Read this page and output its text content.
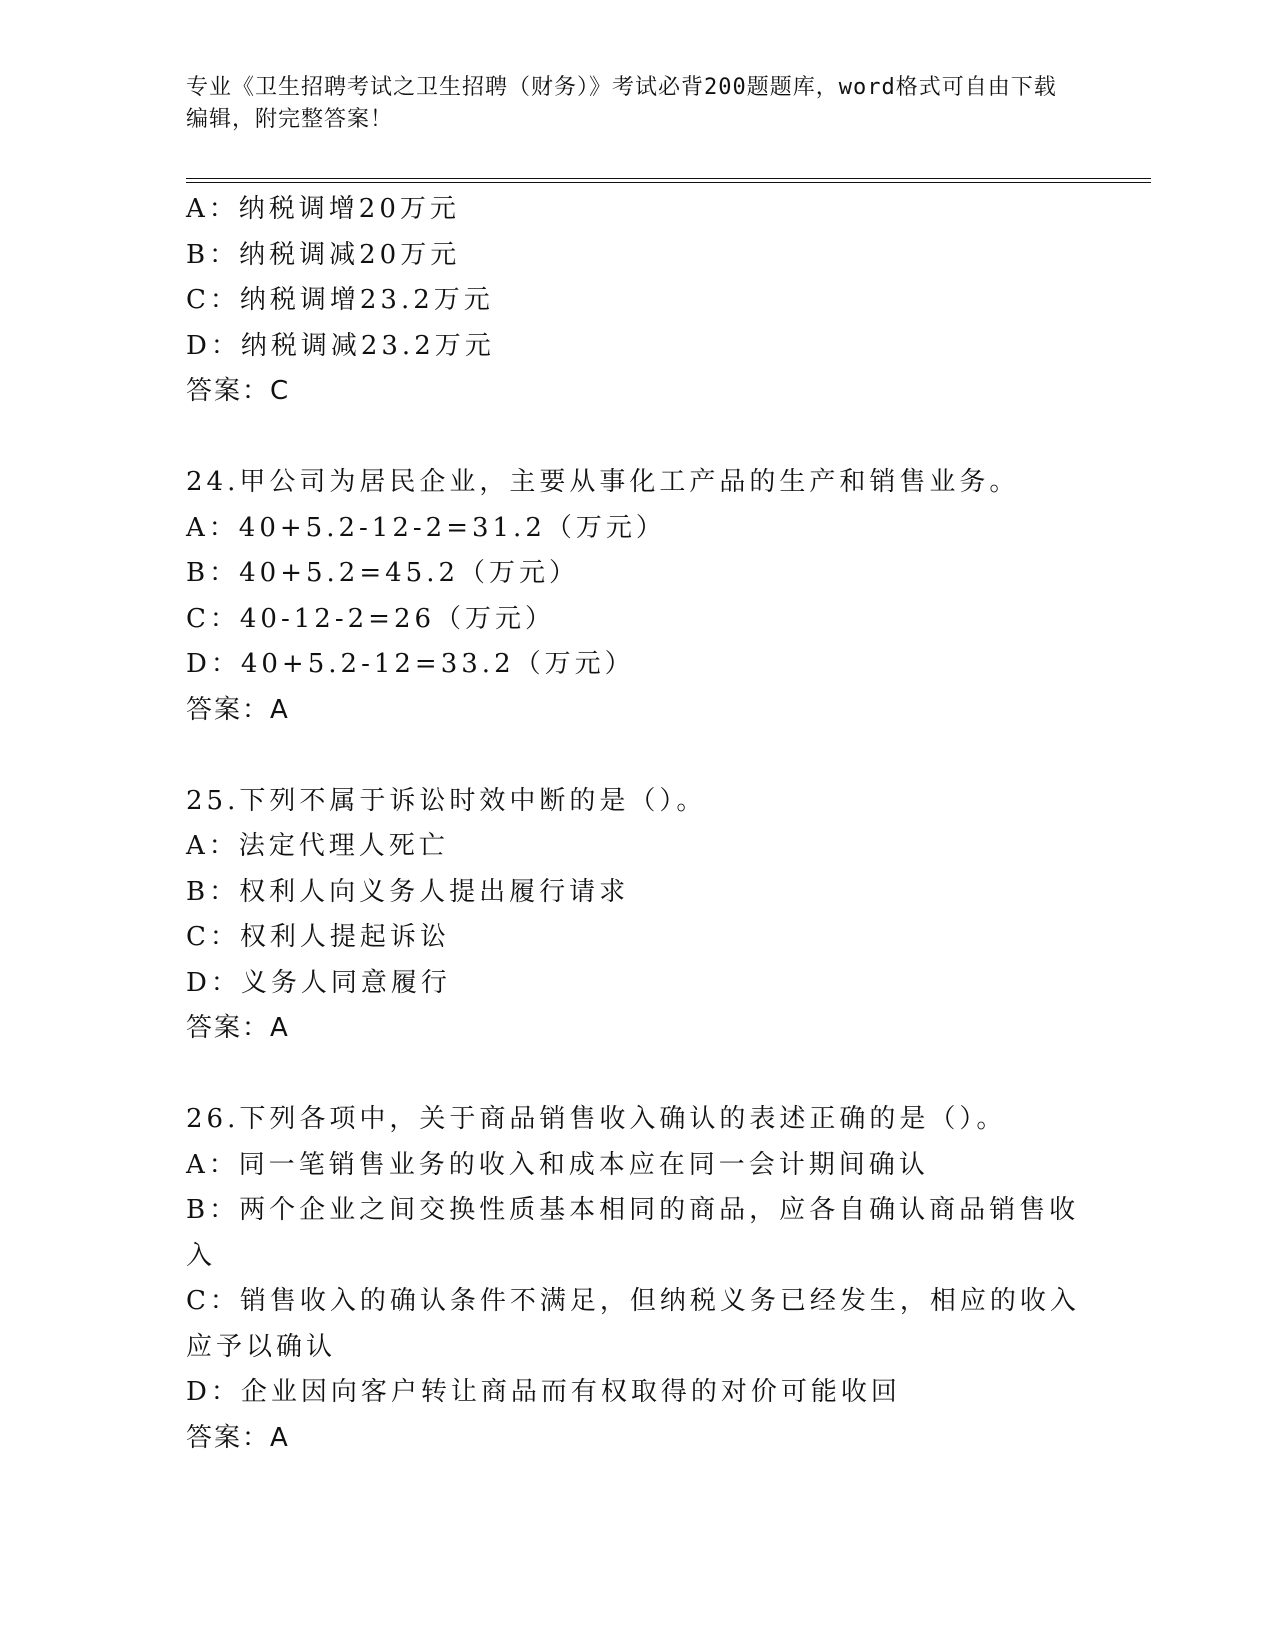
专业《卫生招聘考试之卫生招聘（财务）》考试必背200题题库，word格式可自由下载编辑，附完整答案！
A：纳税调增20万元
B：纳税调减20万元
C：纳税调增23.2万元
D：纳税调减23.2万元
答案：C
24.甲公司为居民企业，主要从事化工产品的生产和销售业务。
A：40+5.2-12-2=31.2（万元）
B：40+5.2=45.2（万元）
C：40-12-2=26（万元）
D：40+5.2-12=33.2（万元）
答案：A
25.下列不属于诉讼时效中断的是（）。
A：法定代理人死亡
B：权利人向义务人提出履行请求
C：权利人提起诉讼
D：义务人同意履行
答案：A
26.下列各项中，关于商品销售收入确认的表述正确的是（）。
A：同一笔销售业务的收入和成本应在同一会计期间确认
B：两个企业之间交换性质基本相同的商品，应各自确认商品销售收入
C：销售收入的确认条件不满足，但纳税义务已经发生，相应的收入应予以确认
D：企业因向客户转让商品而有权取得的对价可能收回
答案：A
